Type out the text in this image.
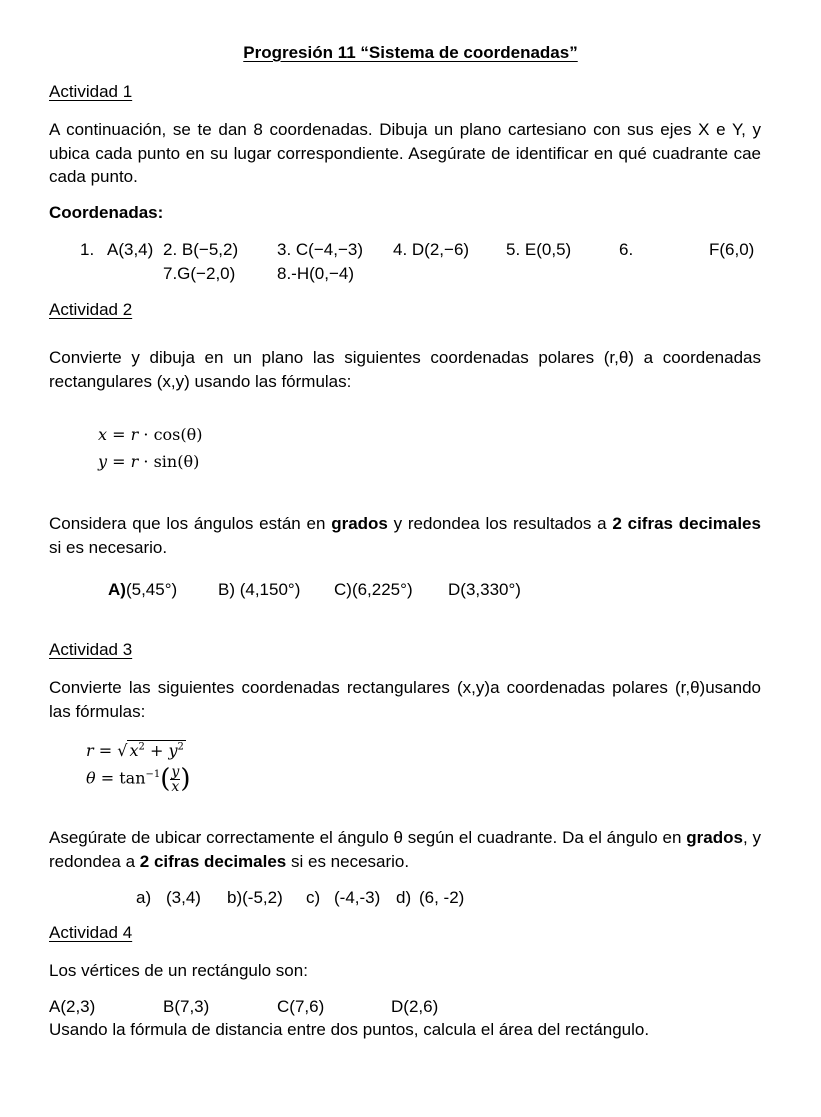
Progresión 11 “Sistema de coordenadas”
Actividad 1
A continuación, se te dan 8 coordenadas. Dibuja un plano cartesiano con sus ejes X e Y, y ubica cada punto en su lugar correspondiente. Asegúrate de identificar en qué cuadrante cae cada punto.
Coordenadas:
1. A(3,4) 2. B(−5,2) 3. C(−4,−3) 4. D(2,−6) 5. E(0,5)	6.	F(6,0)
7.G(−2,0) 8.-H(0,−4)
Actividad 2
Convierte y dibuja en un plano las siguientes coordenadas polares (r,θ) a coordenadas rectangulares (x,y) usando las fórmulas:
x = r · cos(θ)
y = r · sin(θ)
Considera que los ángulos están en grados y redondea los resultados a 2 cifras decimales si es necesario.
A)(5,45°) B) (4,150°) C)(6,225°) D(3,330°)
Actividad 3
Convierte las siguientes coordenadas rectangulares (x,y)a coordenadas polares (r,θ)usando las fórmulas:
r = √ $x^2 + y^2$
$\theta = \tan^{-1}( \frac{y}{x}$ )
Asegúrate de ubicar correctamente el ángulo θ según el cuadrante. Da el ángulo en grados, y redondea a 2 cifras decimales si es necesario.
a) (3,4) b)(-5,2) c) (-4,-3) d) (6, -2)
Actividad 4
Los vértices de un rectángulo son:
A(2,3)	B(7,3)	C(7,6)	D(2,6)
Usando la fórmula de distancia entre dos puntos, calcula el área del rectángulo.
